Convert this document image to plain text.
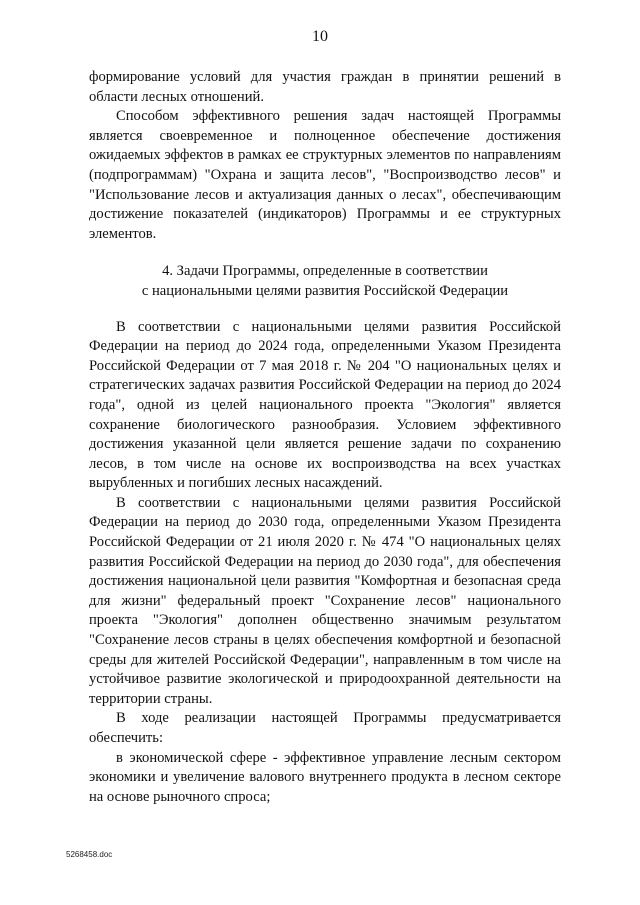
10

формирование условий для участия граждан в принятии решений в области лесных отношений.

Способом эффективного решения задач настоящей Программы является своевременное и полноценное обеспечение достижения ожидаемых эффектов в рамках ее структурных элементов по направлениям (подпрограммам) "Охрана и защита лесов", "Воспроизводство лесов" и "Использование лесов и актуализация данных о лесах", обеспечивающим достижение показателей (индикаторов) Программы и ее структурных элементов.

4. Задачи Программы, определенные в соответствии
с национальными целями развития Российской Федерации

В соответствии с национальными целями развития Российской Федерации на период до 2024 года, определенными Указом Президента Российской Федерации от 7 мая 2018 г. № 204 "О национальных целях и стратегических задачах развития Российской Федерации на период до 2024 года", одной из целей национального проекта "Экология" является сохранение биологического разнообразия. Условием эффективного достижения указанной цели является решение задачи по сохранению лесов, в том числе на основе их воспроизводства на всех участках вырубленных и погибших лесных насаждений.

В соответствии с национальными целями развития Российской Федерации на период до 2030 года, определенными Указом Президента Российской Федерации от 21 июля 2020 г. № 474 "О национальных целях развития Российской Федерации на период до 2030 года", для обеспечения достижения национальной цели развития "Комфортная и безопасная среда для жизни" федеральный проект "Сохранение лесов" национального проекта "Экология" дополнен общественно значимым результатом "Сохранение лесов страны в целях обеспечения комфортной и безопасной среды для жителей Российской Федерации", направленным в том числе на устойчивое развитие экологической и природоохранной деятельности на территории страны.

В ходе реализации настоящей Программы предусматривается обеспечить:

в экономической сфере - эффективное управление лесным сектором экономики и увеличение валового внутреннего продукта в лесном секторе на основе рыночного спроса;

5268458.doc
